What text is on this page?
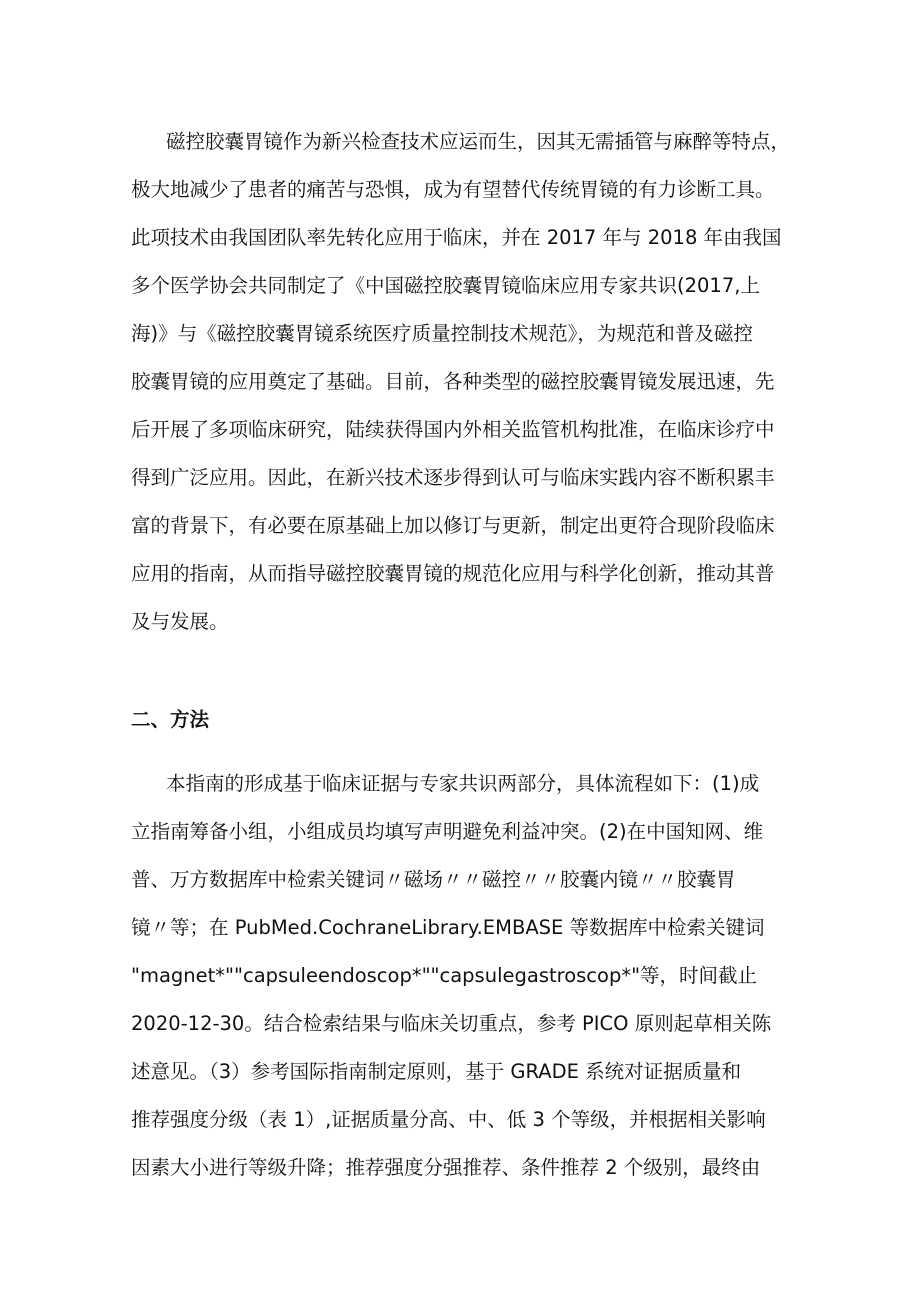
磁控胶囊胃镜作为新兴检查技术应运而生，因其无需插管与麻醉等特点，
极大地减少了患者的痛苦与恐惧，成为有望替代传统胃镜的有力诊断工具。
此项技术由我国团队率先转化应用于临床，并在 2017 年与 2018 年由我国
多个医学协会共同制定了《中国磁控胶囊胃镜临床应用专家共识(2017,上
海)》与《磁控胶囊胃镜系统医疗质量控制技术规范》，为规范和普及磁控
胶囊胃镜的应用奠定了基础。目前，各种类型的磁控胶囊胃镜发展迅速，先
后开展了多项临床研究，陆续获得国内外相关监管机构批准，在临床诊疗中
得到广泛应用。因此，在新兴技术逐步得到认可与临床实践内容不断积累丰
富的背景下，有必要在原基础上加以修订与更新，制定出更符合现阶段临床
应用的指南，从而指导磁控胶囊胃镜的规范化应用与科学化创新，推动其普
及与发展。
二、方法
本指南的形成基于临床证据与专家共识两部分，具体流程如下：(1)成
立指南筹备小组，小组成员均填写声明避免利益冲突。(2)在中国知网、维
普、万方数据库中检索关键词〃磁场〃〃磁控〃〃胶囊内镜〃〃胶囊胃
镜〃等；在 PubMed.CochraneLibrary.EMBASE 等数据库中检索关键词
"magnet*""capsuleendoscop*""capsulegastroscop*"等，时间截止
2020-12-30。结合检索结果与临床关切重点，参考 PICO 原则起草相关陈
述意见。（3）参考国际指南制定原则，基于 GRADE 系统对证据质量和
推荐强度分级（表 1）,证据质量分高、中、低 3 个等级，并根据相关影响
因素大小进行等级升降；推荐强度分强推荐、条件推荐 2 个级别，最终由
